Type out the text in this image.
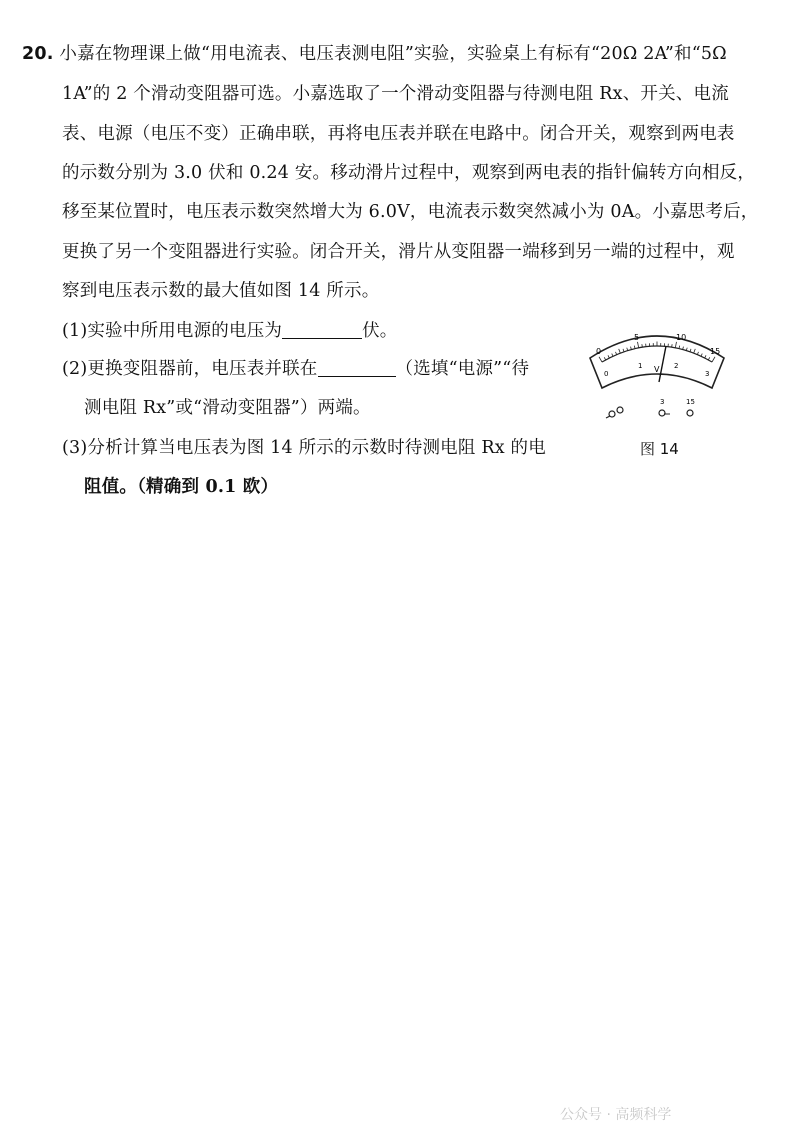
20. 小嘉在物理课上做“用电流表、电压表测电阻”实验，实验桌上有标有“20Ω 2A”和“5Ω
1A”的 2 个滑动变阻器可选。小嘉选取了一个滑动变阻器与待测电阻 Rx、开关、电流
表、电源（电压不变）正确串联，再将电压表并联在电路中。闭合开关，观察到两电表
的示数分别为 3.0 伏和 0.24 安。移动滑片过程中，观察到两电表的指针偏转方向相反，
移至某位置时，电压表示数突然增大为 6.0V，电流表示数突然减小为 0A。小嘉思考后，
更换了另一个变阻器进行实验。闭合开关，滑片从变阻器一端移到另一端的过程中，观
察到电压表示数的最大值如图 14 所示。
(1)实验中所用电源的电压为	伏。
(2)更换变阻器前，电压表并联在	（选填“电源”“待
测电阻 Rx”或“滑动变阻器”）两端。
(3)分析计算当电压表为图 14 所示的示数时待测电阻 Rx 的电
阻值。（精确到 0.1 欧）
0
5	10
15
0
1	2
3
V
3	15
图 14
公众号 · 高频科学
